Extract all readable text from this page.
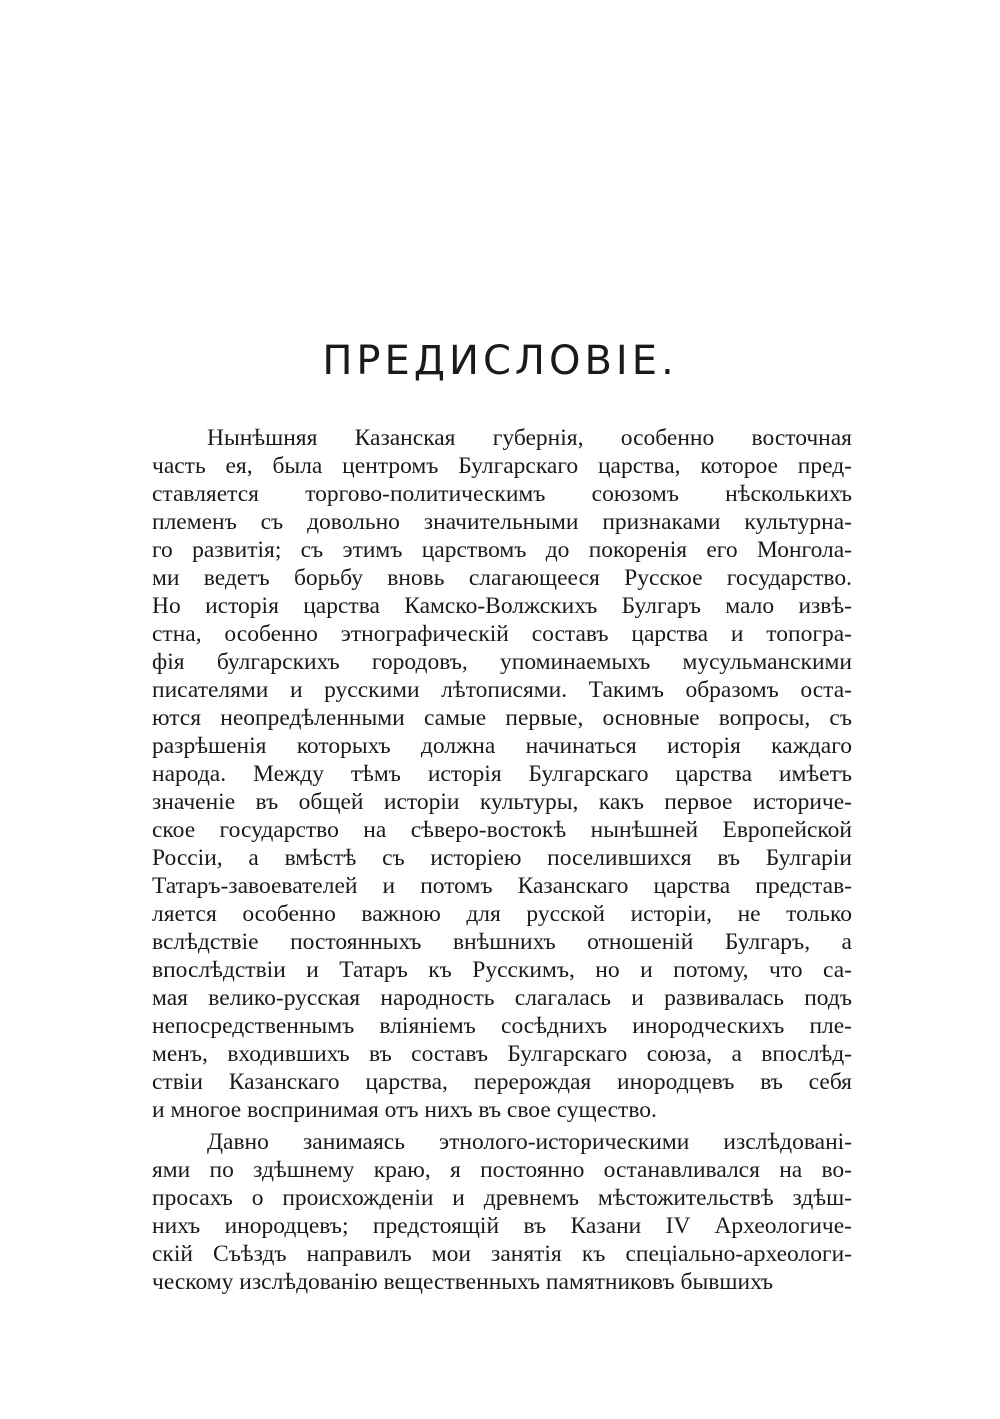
ПРЕДИСЛОВIЕ.
Нынѣшняя Казанская губернiя, особенно восточная
часть ея, была центромъ Булгарскаго царства, которое пред-
ставляется торгово-политическимъ союзомъ нѣсколькихъ
племенъ съ довольно значительными признаками культурна-
го развитiя; съ этимъ царствомъ до покоренiя его Монгола-
ми ведетъ борьбу вновь слагающееся Русское государство.
Но исторiя царства Камско-Волжскихъ Булгаръ мало извѣ-
стна, особенно этнографическiй составъ царства и топогра-
фiя булгарскихъ городовъ, упоминаемыхъ мусульманскими
писателями и русскими лѣтописями. Такимъ образомъ оста-
ются неопредѣленными самые первые, основные вопросы, съ
разрѣшенiя которыхъ должна начинаться исторiя каждаго
народа. Между тѣмъ исторiя Булгарскаго царства имѣетъ
значенiе въ общей исторiи культуры, какъ первое историче-
ское государство на сѣверо-востокѣ нынѣшней Европейской
Россiи, а вмѣстѣ съ исторiею поселившихся въ Булгарiи
Татаръ-завоевателей и потомъ Казанскаго царства представ-
ляется особенно важною для русской исторiи, не только
вслѣдствiе постоянныхъ внѣшнихъ отношенiй Булгаръ, а
впослѣдствiи и Татаръ къ Русскимъ, но и потому, что са-
мая велико-русская народность слагалась и развивалась подъ
непосредственнымъ влiянiемъ сосѣднихъ инородческихъ пле-
менъ, входившихъ въ составъ Булгарскаго союза, а впослѣд-
ствiи Казанскаго царства, перерождая инородцевъ въ себя
и многое воспринимая отъ нихъ въ свое существо.
Давно занимаясь этнолого-историческими изслѣдованi-
ями по здѣшнему краю, я постоянно останавливался на во-
просахъ о происхожденiи и древнемъ мѣстожительствѣ здѣш-
нихъ инородцевъ; предстоящiй въ Казани IV Археологиче-
скiй Съѣздъ направилъ мои занятiя къ спецiально-археологи-
ческому изслѣдованiю вещественныхъ памятниковъ бывшихъ
